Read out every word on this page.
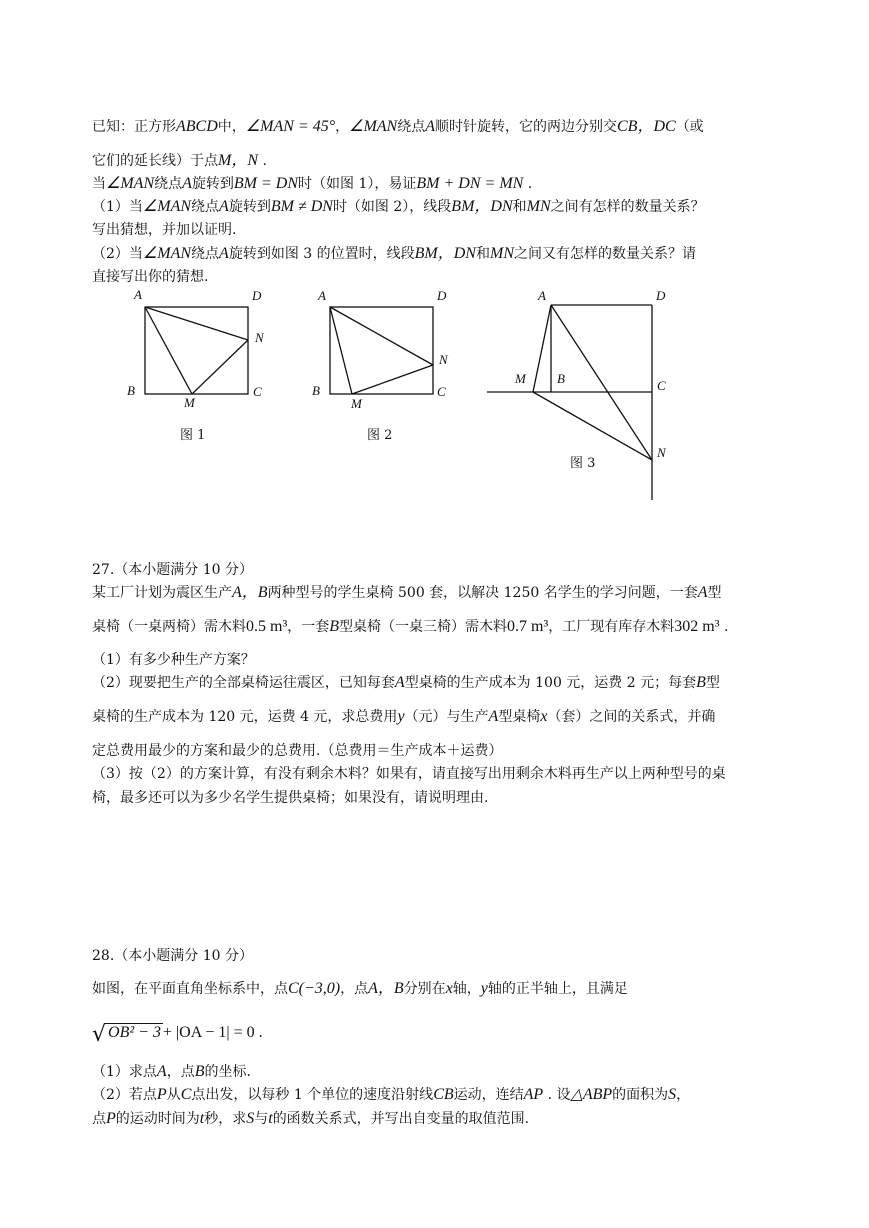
已知：正方形ABCD中，∠MAN = 45°，∠MAN绕点A顺时针旋转，它的两边分别交CB，DC（或
它们的延长线）于点M，N .
当∠MAN绕点A旋转到BM = DN时（如图 1），易证BM + DN = MN .
（1）当∠MAN绕点A旋转到BM ≠ DN时（如图 2），线段BM，DN和MN之间有怎样的数量关系？
写出猜想，并加以证明.
（2）当∠MAN绕点A旋转到如图 3 的位置时，线段BM，DN和MN之间又有怎样的数量关系？请
直接写出你的猜想.
A	D
N
B
M
C
图 1
A	D
N
B
M
C
图 2
A	D
M B	C
N
图 3
27.（本小题满分 10 分）
某工厂计划为震区生产A，B两种型号的学生桌椅 500 套，以解决 1250 名学生的学习问题，一套A型
桌椅（一桌两椅）需木料0.5 m³，一套B型桌椅（一桌三椅）需木料0.7 m³，工厂现有库存木料302 m³ .
（1）有多少种生产方案？
（2）现要把生产的全部桌椅运往震区，已知每套A型桌椅的生产成本为 100 元，运费 2 元；每套B型
桌椅的生产成本为 120 元，运费 4 元，求总费用y（元）与生产A型桌椅x（套）之间的关系式，并确
定总费用最少的方案和最少的总费用.（总费用＝生产成本＋运费）
（3）按（2）的方案计算，有没有剩余木料？如果有，请直接写出用剩余木料再生产以上两种型号的桌
椅，最多还可以为多少名学生提供桌椅；如果没有，请说明理由.
28.（本小题满分 10 分）
如图，在平面直角坐标系中，点C(−3,0)，点A，B分别在x轴，y轴的正半轴上，且满足
√ OB² − 3 + |OA − 1| = 0 .
（1）求点A，点B的坐标.
（2）若点P从C点出发，以每秒 1 个单位的速度沿射线CB运动，连结AP . 设△ABP的面积为S，
点P的运动时间为t秒，求S与t的函数关系式，并写出自变量的取值范围.
